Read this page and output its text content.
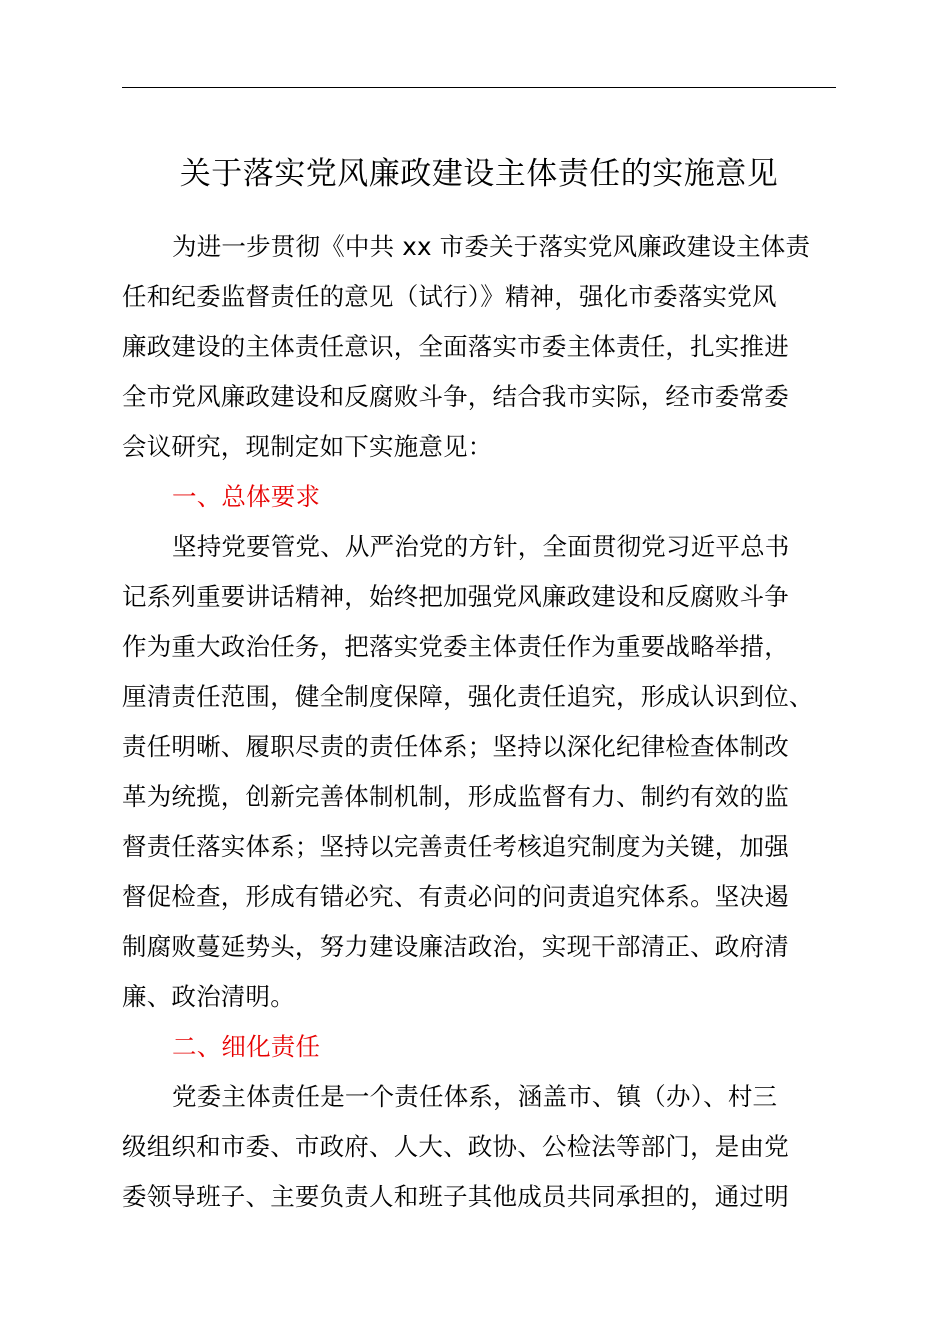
关于落实党风廉政建设主体责任的实施意见
为进一步贯彻《中共 xx 市委关于落实党风廉政建设主体责
任和纪委监督责任的意见（试行）》精神，强化市委落实党风
廉政建设的主体责任意识，全面落实市委主体责任，扎实推进
全市党风廉政建设和反腐败斗争，结合我市实际，经市委常委
会议研究，现制定如下实施意见：
一、总体要求
坚持党要管党、从严治党的方针，全面贯彻党习近平总书
记系列重要讲话精神，始终把加强党风廉政建设和反腐败斗争
作为重大政治任务，把落实党委主体责任作为重要战略举措，
厘清责任范围，健全制度保障，强化责任追究，形成认识到位、
责任明晰、履职尽责的责任体系；坚持以深化纪律检查体制改
革为统揽，创新完善体制机制，形成监督有力、制约有效的监
督责任落实体系；坚持以完善责任考核追究制度为关键，加强
督促检查，形成有错必究、有责必问的问责追究体系。坚决遏
制腐败蔓延势头，努力建设廉洁政治，实现干部清正、政府清
廉、政治清明。
二、细化责任
党委主体责任是一个责任体系，涵盖市、镇（办）、村三
级组织和市委、市政府、人大、政协、公检法等部门，是由党
委领导班子、主要负责人和班子其他成员共同承担的，通过明
